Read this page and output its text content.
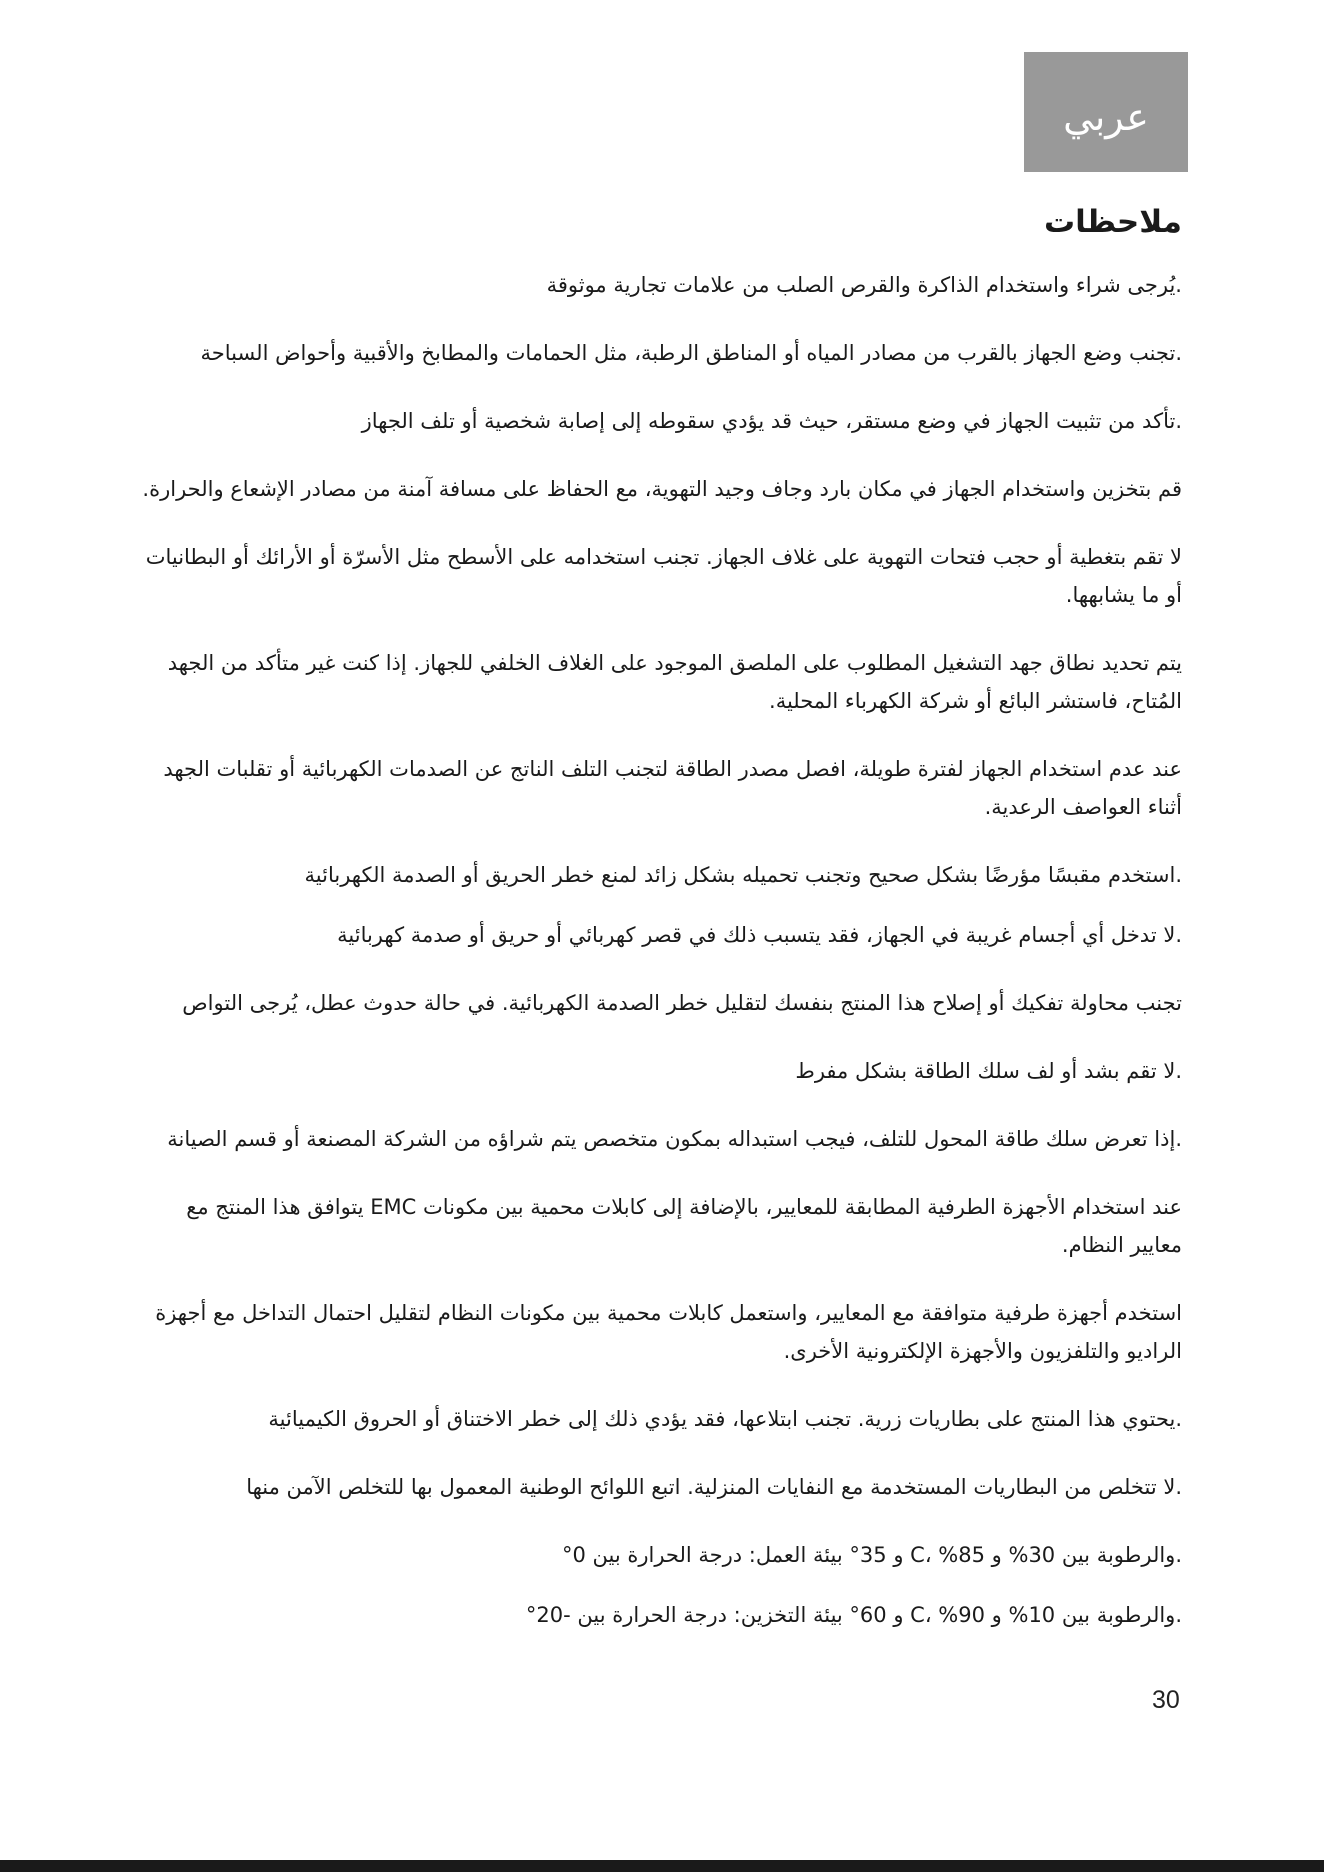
عربي
ملاحظات
.يُرجى شراء واستخدام الذاكرة والقرص الصلب من علامات تجارية موثوقة
.تجنب وضع الجهاز بالقرب من مصادر المياه أو المناطق الرطبة، مثل الحمامات والمطابخ والأقبية وأحواض السباحة
.تأكد من تثبيت الجهاز في وضع مستقر، حيث قد يؤدي سقوطه إلى إصابة شخصية أو تلف الجهاز
قم بتخزين واستخدام الجهاز في مكان بارد وجاف وجيد التهوية، مع الحفاظ على مسافة آمنة من مصادر الإشعاع والحرارة.
لا تقم بتغطية أو حجب فتحات التهوية على غلاف الجهاز. تجنب استخدامه على الأسطح مثل الأسرّة أو الأرائك أو البطانيات أو ما يشابهها.
يتم تحديد نطاق جهد التشغيل المطلوب على الملصق الموجود على الغلاف الخلفي للجهاز. إذا كنت غير متأكد من الجهد المُتاح، فاستشر البائع أو شركة الكهرباء المحلية.
عند عدم استخدام الجهاز لفترة طويلة، افصل مصدر الطاقة لتجنب التلف الناتج عن الصدمات الكهربائية أو تقلبات الجهد أثناء العواصف الرعدية.
.استخدم مقبسًا مؤرضًا بشكل صحيح وتجنب تحميله بشكل زائد لمنع خطر الحريق أو الصدمة الكهربائية
.لا تدخل أي أجسام غريبة في الجهاز، فقد يتسبب ذلك في قصر كهربائي أو حريق أو صدمة كهربائية
تجنب محاولة تفكيك أو إصلاح هذا المنتج بنفسك لتقليل خطر الصدمة الكهربائية. في حالة حدوث عطل، يُرجى التواص
.لا تقم بشد أو لف سلك الطاقة بشكل مفرط
.إذا تعرض سلك طاقة المحول للتلف، فيجب استبداله بمكون متخصص يتم شراؤه من الشركة المصنعة أو قسم الصيانة
عند استخدام الأجهزة الطرفية المطابقة للمعايير، بالإضافة إلى كابلات محمية بين مكونات EMC يتوافق هذا المنتج مع معايير النظام.
استخدم أجهزة طرفية متوافقة مع المعايير، واستعمل كابلات محمية بين مكونات النظام لتقليل احتمال التداخل مع أجهزة الراديو والتلفزيون والأجهزة الإلكترونية الأخرى.
.يحتوي هذا المنتج على بطاريات زرية. تجنب ابتلاعها، فقد يؤدي ذلك إلى خطر الاختناق أو الحروق الكيميائية
.لا تتخلص من البطاريات المستخدمة مع النفايات المنزلية. اتبع اللوائح الوطنية المعمول بها للتخلص الآمن منها
.والرطوبة بين 30% و 85% ،C و 35° بيئة العمل: درجة الحرارة بين 0°
.والرطوبة بين 10% و 90% ،C و 60° بيئة التخزين: درجة الحرارة بين -20°
30
